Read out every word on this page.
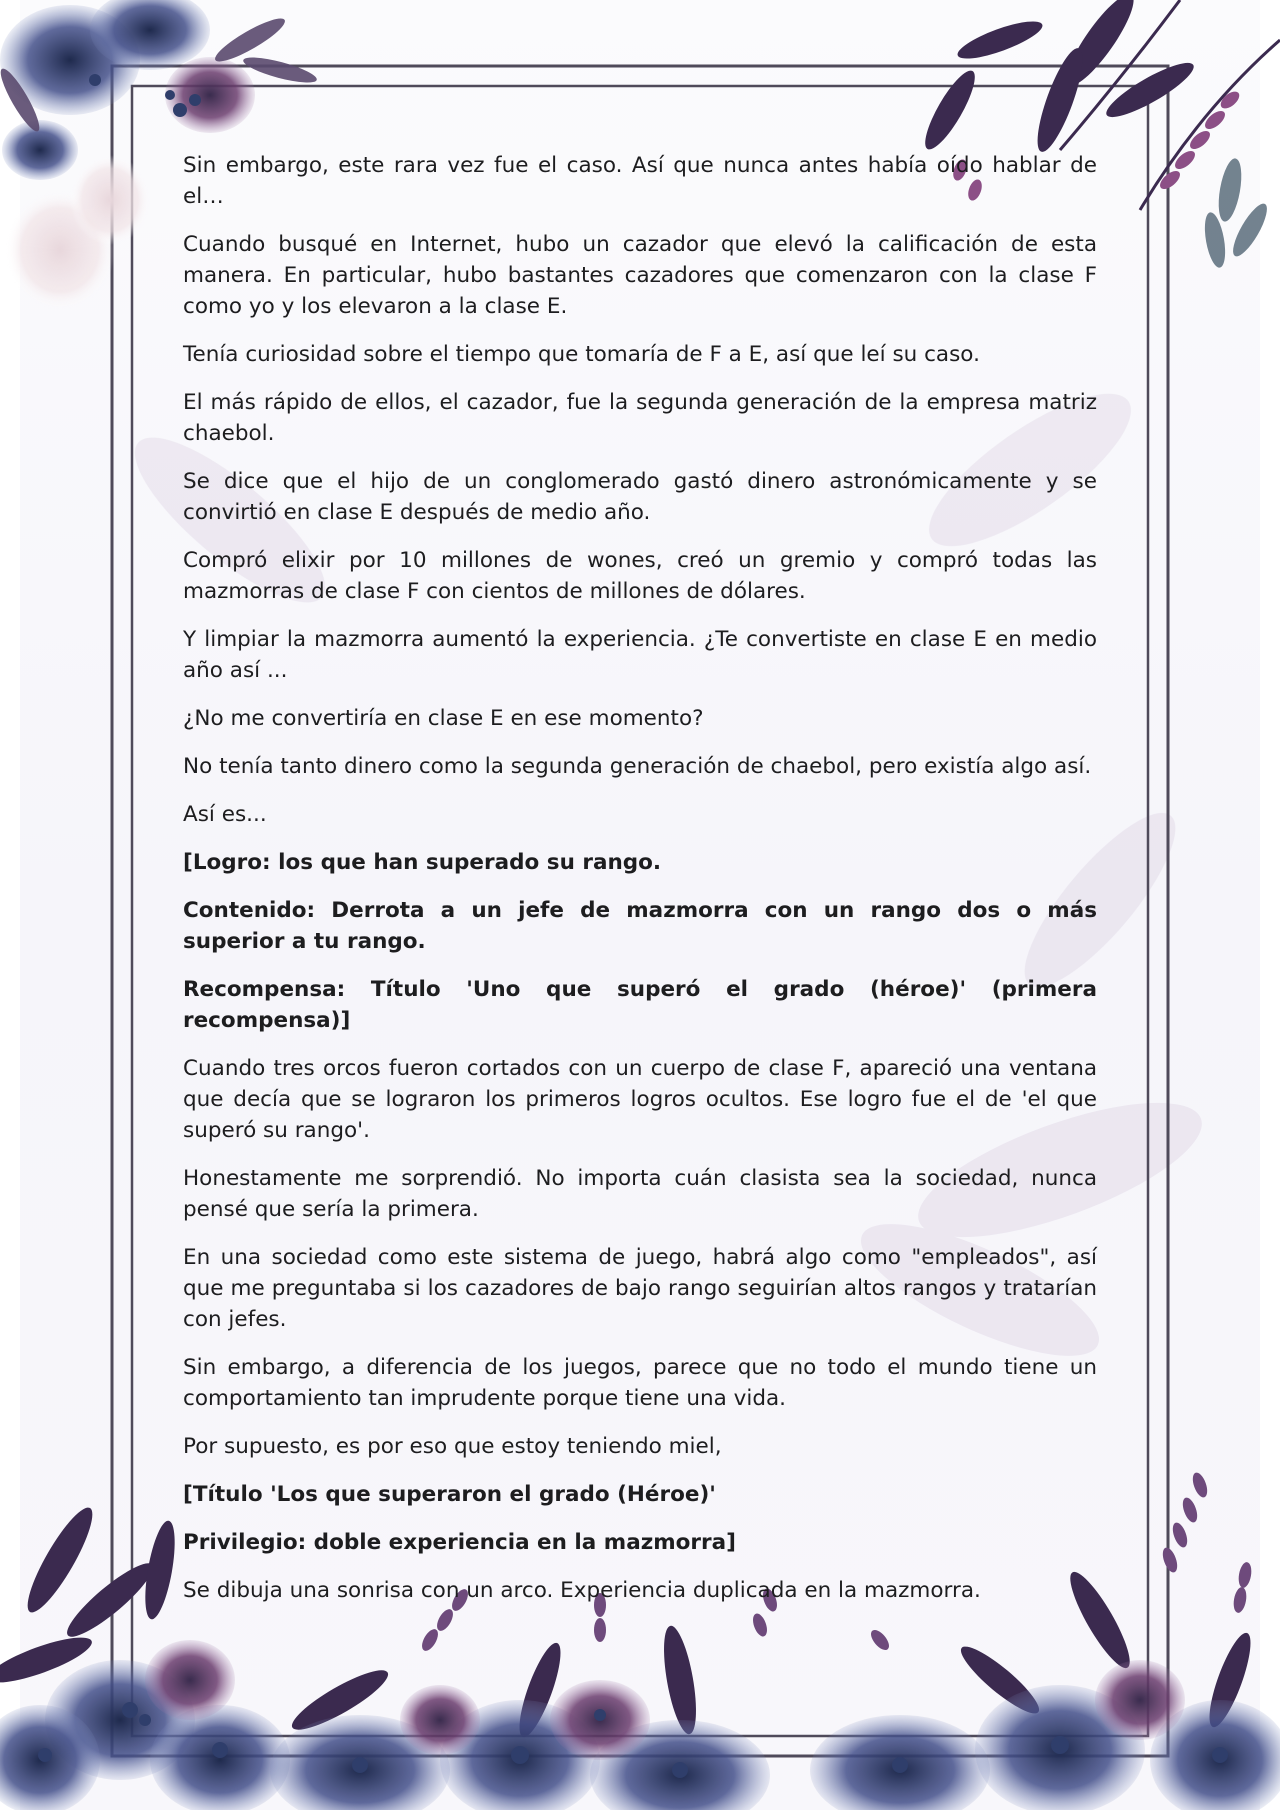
Sin embargo, este rara vez fue el caso. Así que nunca antes había oído hablar de el…

Cuando busqué en Internet, hubo un cazador que elevó la calificación de esta manera. En particular, hubo bastantes cazadores que comenzaron con la clase F como yo y los elevaron a la clase E.

Tenía curiosidad sobre el tiempo que tomaría de F a E, así que leí su caso.

El más rápido de ellos, el cazador, fue la segunda generación de la empresa matriz chaebol.

Se dice que el hijo de un conglomerado gastó dinero astronómicamente y se convirtió en clase E después de medio año.

Compró elixir por 10 millones de wones, creó un gremio y compró todas las mazmorras de clase F con cientos de millones de dólares.

Y limpiar la mazmorra aumentó la experiencia. ¿Te convertiste en clase E en medio año así ...

¿No me convertiría en clase E en ese momento?

No tenía tanto dinero como la segunda generación de chaebol, pero existía algo así.

Así es...

[Logro: los que han superado su rango.

Contenido: Derrota a un jefe de mazmorra con un rango dos o más superior a tu rango.

Recompensa: Título 'Uno que superó el grado (héroe)' (primera recompensa)]

Cuando tres orcos fueron cortados con un cuerpo de clase F, apareció una ventana que decía que se lograron los primeros logros ocultos. Ese logro fue el de 'el que superó su rango'.

Honestamente me sorprendió. No importa cuán clasista sea la sociedad, nunca pensé que sería la primera.

En una sociedad como este sistema de juego, habrá algo como "empleados", así que me preguntaba si los cazadores de bajo rango seguirían altos rangos y tratarían con jefes.

Sin embargo, a diferencia de los juegos, parece que no todo el mundo tiene un comportamiento tan imprudente porque tiene una vida.

Por supuesto, es por eso que estoy teniendo miel,

[Título 'Los que superaron el grado (Héroe)'

Privilegio: doble experiencia en la mazmorra]

Se dibuja una sonrisa con un arco. Experiencia duplicada en la mazmorra.
